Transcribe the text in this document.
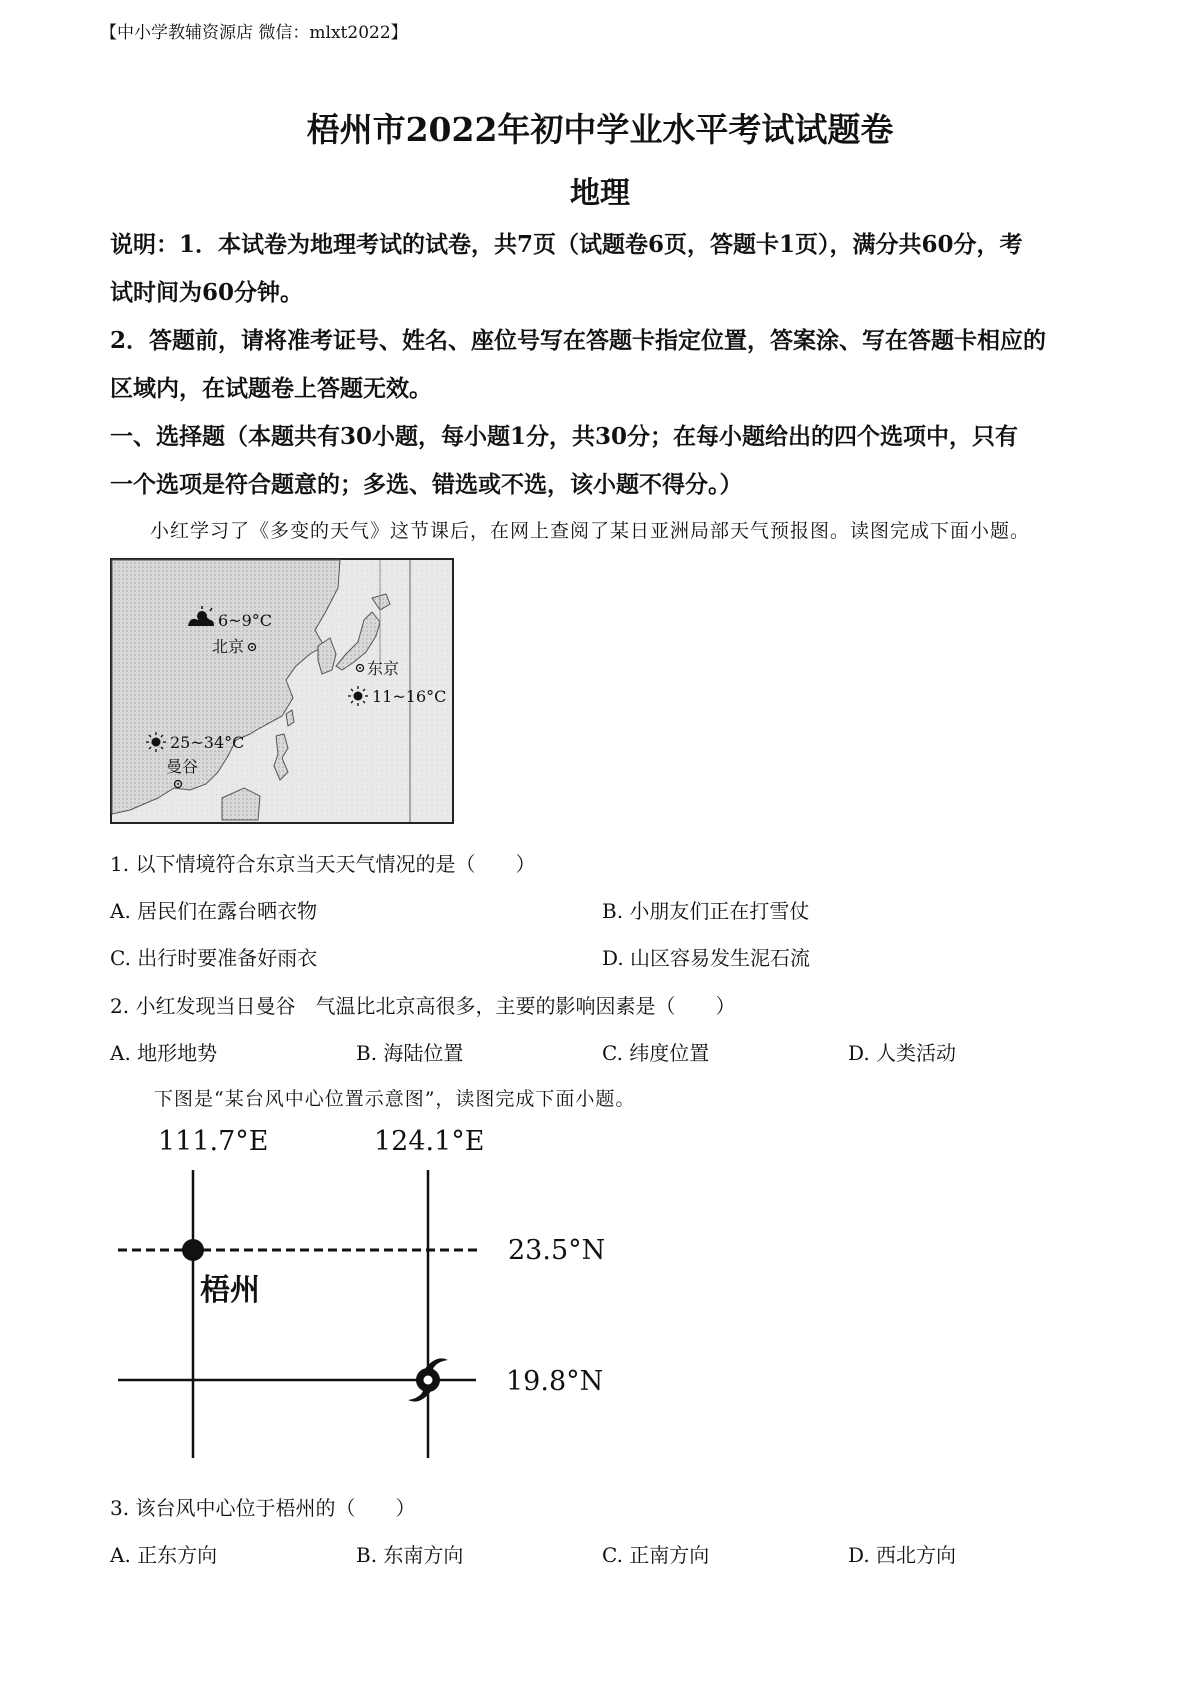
【中小学教辅资源店 微信：mlxt2022】
梧州市2022年初中学业水平考试试题卷
地理
说明：1．本试卷为地理考试的试卷，共7页（试题卷6页，答题卡1页），满分共60分，考
试时间为60分钟。
2．答题前，请将准考证号、姓名、座位号写在答题卡指定位置，答案涂、写在答题卡相应的
区域内，在试题卷上答题无效。
一、选择题（本题共有30小题，每小题1分，共30分；在每小题给出的四个选项中，只有
一个选项是符合题意的；多选、错选或不选，该小题不得分。）
小红学习了《多变的天气》这节课后，在网上查阅了某日亚洲局部天气预报图。读图完成下面小题。
6~9°C
北京
东京
11~16°C
25~34°C
曼谷
1. 以下情境符合东京当天天气情况的是（　　）
A. 居民们在露台晒衣物	B. 小朋友们正在打雪仗
C. 出行时要准备好雨衣	D. 山区容易发生泥石流
2. 小红发现当日曼谷　气温比北京高很多，主要的影响因素是（　　）
A. 地形地势	B. 海陆位置	C. 纬度位置	D. 人类活动
下图是“某台风中心位置示意图”，读图完成下面小题。
111.7°E	124.1°E
梧州
23.5°N
19.8°N
3. 该台风中心位于梧州的（　　）
A. 正东方向	B. 东南方向	C. 正南方向	D. 西北方向
